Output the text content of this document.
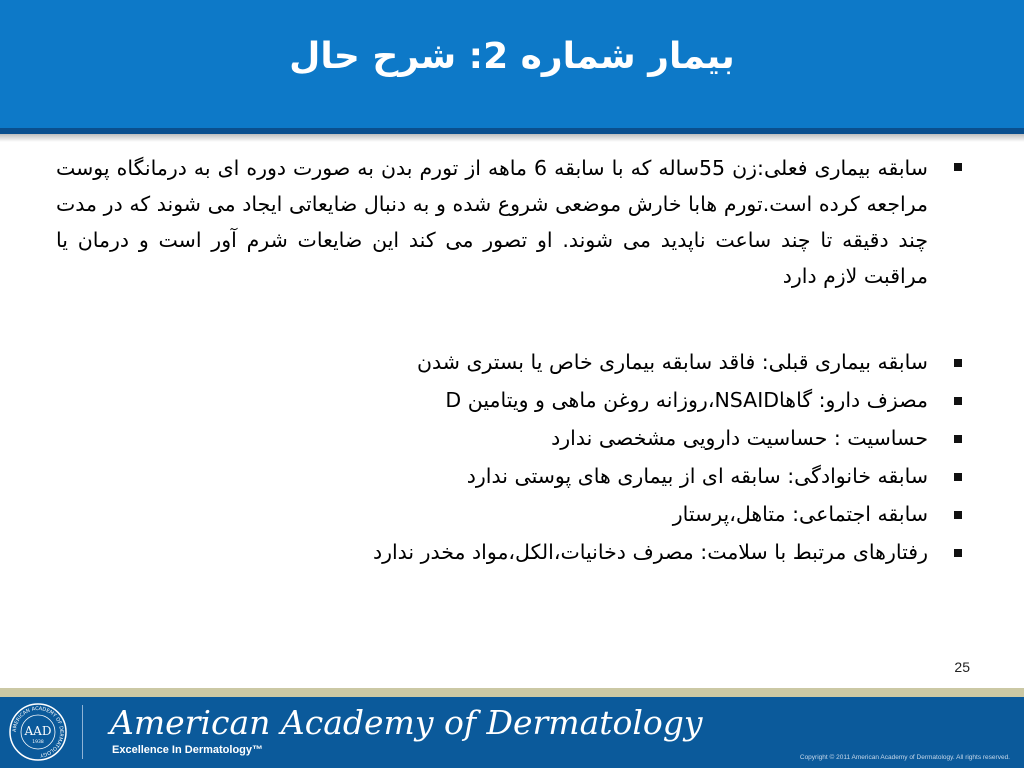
بیمار شماره 2: شرح حال
سابقه بیماری فعلی:زن 55ساله که با سابقه 6 ماهه از تورم بدن به صورت دوره ای به درمانگاه پوست مراجعه کرده است.تورم هابا خارش موضعی شروع شده و به دنبال ضایعاتی ایجاد می شوند که در مدت چند دقیقه تا چند ساعت ناپدید می شوند. او تصور می کند این ضایعات شرم آور است و درمان یا مراقبت لازم دارد
سابقه بیماری قبلی: فاقد سابقه بیماری خاص یا بستری شدن
مصزف دارو: گاهاNSAID،روزانه روغن ماهی و ویتامین D
حساسیت : حساسیت دارویی مشخصی ندارد
سابقه خانوادگی: سابقه ای از بیماری های پوستی ندارد
سابقه اجتماعی: متاهل،پرستار
رفتارهای مرتبط با سلامت: مصرف دخانیات،الکل،مواد مخدر ندارد
25
AMERICAN ACADEMY OF DERMATOLOGY
AAD
1938
American Academy of Dermatology
Excellence In Dermatology™
Copyright © 2011 American Academy of Dermatology. All rights reserved.
